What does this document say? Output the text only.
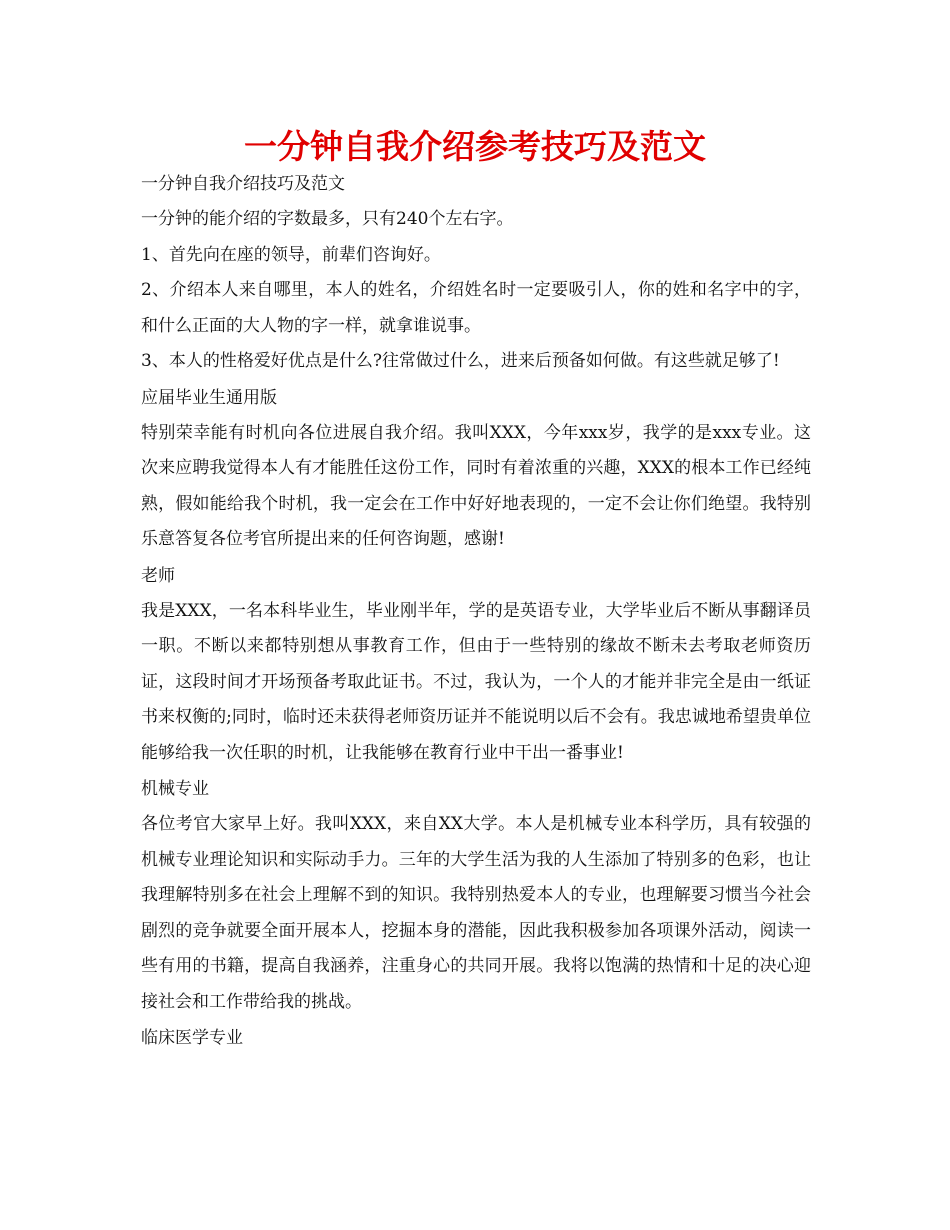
一分钟自我介绍参考技巧及范文

一分钟自我介绍技巧及范文

一分钟的能介绍的字数最多，只有240个左右字。

1、首先向在座的领导，前辈们咨询好。

2、介绍本人来自哪里，本人的姓名，介绍姓名时一定要吸引人，你的姓和名字中的字，和什么正面的大人物的字一样，就拿谁说事。

3、本人的性格爱好优点是什么?往常做过什么，进来后预备如何做。有这些就足够了!

应届毕业生通用版

特别荣幸能有时机向各位进展自我介绍。我叫XXX，今年xxx岁，我学的是xxx专业。这次来应聘我觉得本人有才能胜任这份工作，同时有着浓重的兴趣，XXX的根本工作已经纯熟，假如能给我个时机，我一定会在工作中好好地表现的，一定不会让你们绝望。我特别乐意答复各位考官所提出来的任何咨询题，感谢!

老师

我是XXX，一名本科毕业生，毕业刚半年，学的是英语专业，大学毕业后不断从事翻译员一职。不断以来都特别想从事教育工作，但由于一些特别的缘故不断未去考取老师资历证，这段时间才开场预备考取此证书。不过，我认为，一个人的才能并非完全是由一纸证书来权衡的;同时，临时还未获得老师资历证并不能说明以后不会有。我忠诚地希望贵单位能够给我一次任职的时机，让我能够在教育行业中干出一番事业!

机械专业

各位考官大家早上好。我叫XXX，来自XX大学。本人是机械专业本科学历，具有较强的机械专业理论知识和实际动手力。三年的大学生活为我的人生添加了特别多的色彩，也让我理解特别多在社会上理解不到的知识。我特别热爱本人的专业，也理解要习惯当今社会剧烈的竞争就要全面开展本人，挖掘本身的潜能，因此我积极参加各项课外活动，阅读一些有用的书籍，提高自我涵养，注重身心的共同开展。我将以饱满的热情和十足的决心迎接社会和工作带给我的挑战。

临床医学专业
